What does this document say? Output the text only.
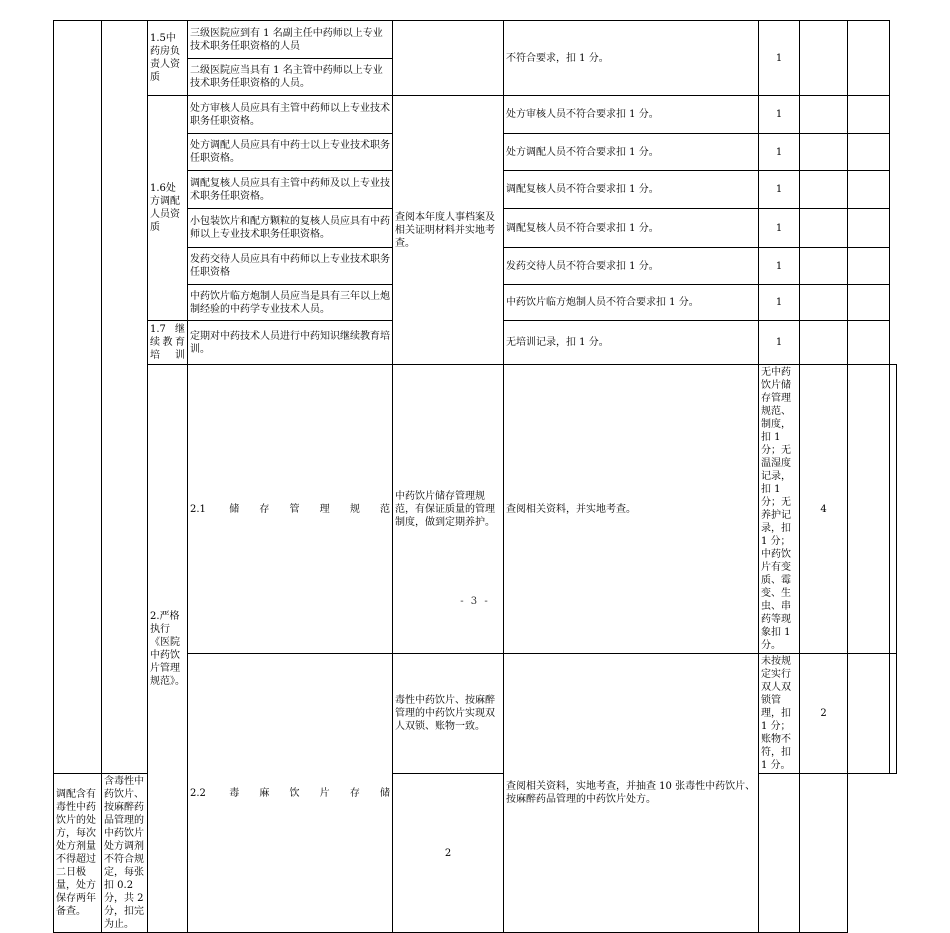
		1.5中药房负责人资质	三级医院应到有 1 名副主任中药师以上专业技术职务任职资格的人员		不符合要求，扣 1 分。	1			
			二级医院应当具有 1 名主管中药师以上专业技术职务任职资格的人员。						
		1.6处方调配人员资质	处方审核人员应具有主管中药师以上专业技术职务任职资格。	查阅本年度人事档案及相关证明材料并实地考查。	处方审核人员不符合要求扣 1 分。	1			
			处方调配人员应具有中药士以上专业技术职务任职资格。		处方调配人员不符合要求扣 1 分。	1			
			调配复核人员应具有主管中药师及以上专业技术职务任职资格。		调配复核人员不符合要求扣 1 分。	1			
			小包装饮片和配方颗粒的复核人员应具有中药师以上专业技术职务任职资格。		调配复核人员不符合要求扣 1 分。	1			
			发药交待人员应具有中药师以上专业技术职务任职资格		发药交待人员不符合要求扣 1 分。	1			
			中药饮片临方炮制人员应当是具有三年以上炮制经验的中药学专业技术人员。		中药饮片临方炮制人员不符合要求扣 1 分。	1			
		1.7 继续教育培训	定期对中药技术人员进行中药知识继续教育培训。		无培训记录，扣 1 分。	1			
		2.严格执行《医院中药饮片管理规范》。	2.1 储存管理规范	中药饮片储存管理规范，有保证质量的管理制度，做到定期养护。	查阅相关资料，并实地考查。	无中药饮片储存管理规范、制度，扣 1 分；无温湿度记录，扣 1 分；无养护记录，扣 1 分；中药饮片有变质、霉变、生虫、串药等现象扣 1 分。	4		
			2.2 毒麻饮片存储	毒性中药饮片、按麻醉管理的中药饮片实现双人双锁、账物一致。	查阅相关资料，实地考查，并抽查 10 张毒性中药饮片、按麻醉药品管理的中药饮片处方。	未按规定实行双人双锁管理，扣 1 分；账物不符，扣 1 分。	2		
调配含有毒性中药饮片的处方，每次处方剂量不得超过二日极量，处方保存两年备查。	含毒性中药饮片、按麻醉药品管理的中药饮片处方调剂不符合规定，每张扣 0.2 分，共 2 分，扣完为止。			2					
- 3 -
